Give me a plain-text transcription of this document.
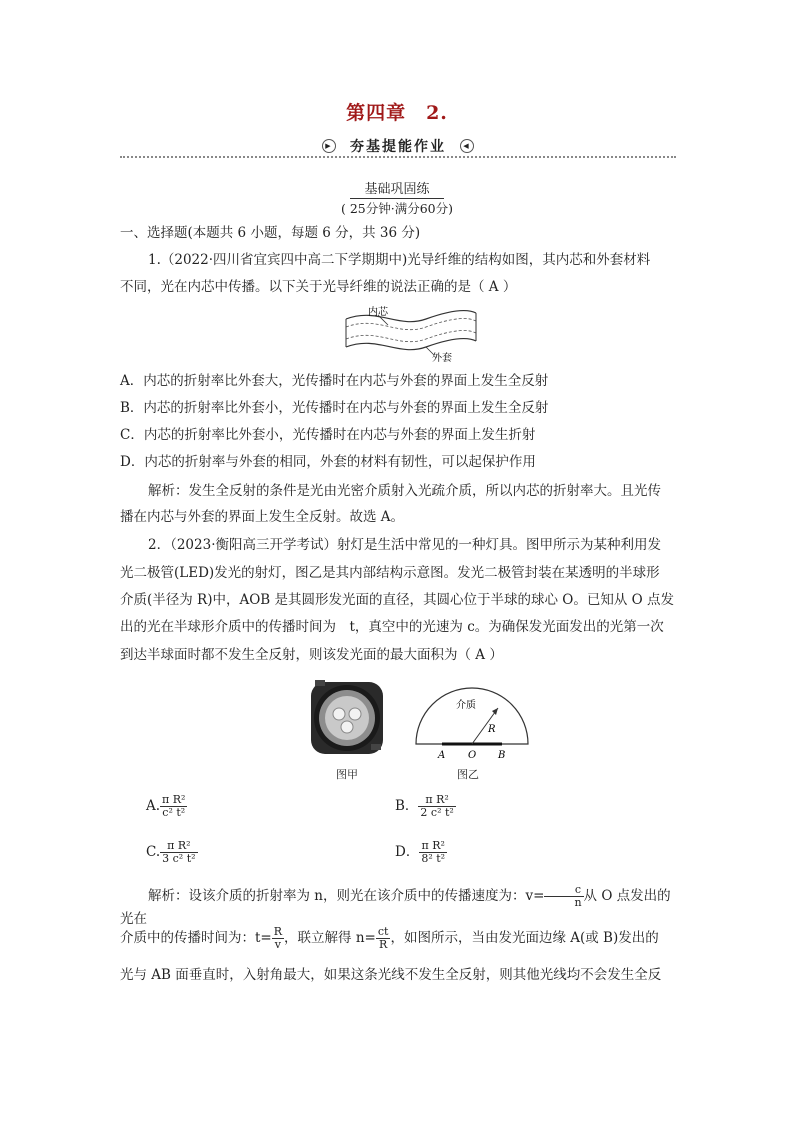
第四章　2.
▶ 夯基提能作业	◀
基础巩固练
( 25分钟·满分60分)
一、选择题(本题共 6 小题，每题 6 分，共 36 分)
1.（2022·四川省宜宾四中高二下学期期中)光导纤维的结构如图，其内芯和外套材料
不同，光在内芯中传播。以下关于光导纤维的说法正确的是（ A ）
内芯
外套
A．内芯的折射率比外套大，光传播时在内芯与外套的界面上发生全反射
B．内芯的折射率比外套小，光传播时在内芯与外套的界面上发生全反射
C．内芯的折射率比外套小，光传播时在内芯与外套的界面上发生折射
D．内芯的折射率与外套的相同，外套的材料有韧性，可以起保护作用
解析：发生全反射的条件是光由光密介质射入光疏介质，所以内芯的折射率大。且光传
播在内芯与外套的界面上发生全反射。故选 A。
2．（2023·衡阳高三开学考试）射灯是生活中常见的一种灯具。图甲所示为某种利用发
光二极管(LED)发光的射灯，图乙是其内部结构示意图。发光二极管封装在某透明的半球形
介质(半径为 R)中，AOB 是其圆形发光面的直径，其圆心位于半球的球心 O。已知从 O 点发
出的光在半球形介质中的传播时间为　t，真空中的光速为 c。为确保发光面发出的光第一次
到达半球面时都不发生全反射，则该发光面的最大面积为（ A ）
图甲
介质
R
A O B
图乙
A. $\frac{\text{π R²}}{\text{c² t²}}$	B． $\frac{\text{π R²}}{\text{2 c² t²}}$
C. $\frac{\text{π R²}}{\text{3 c² t²}}$	D． $\frac{\text{π R²}}{\text{8² t²}}$
解析：设该介质的折射率为 n，则光在该介质中的传播速度为：$v= \frac{c}{n}$ 从 O 点发出的光在
介质中的传播时间为：$t= \frac{R}{v}$ ，联立解得 $n= \frac{ct}{R}$ ，如图所示，当由发光面边缘 A(或 B)发出的
光与 AB 面垂直时，入射角最大，如果这条光线不发生全反射，则其他光线均不会发生全反
